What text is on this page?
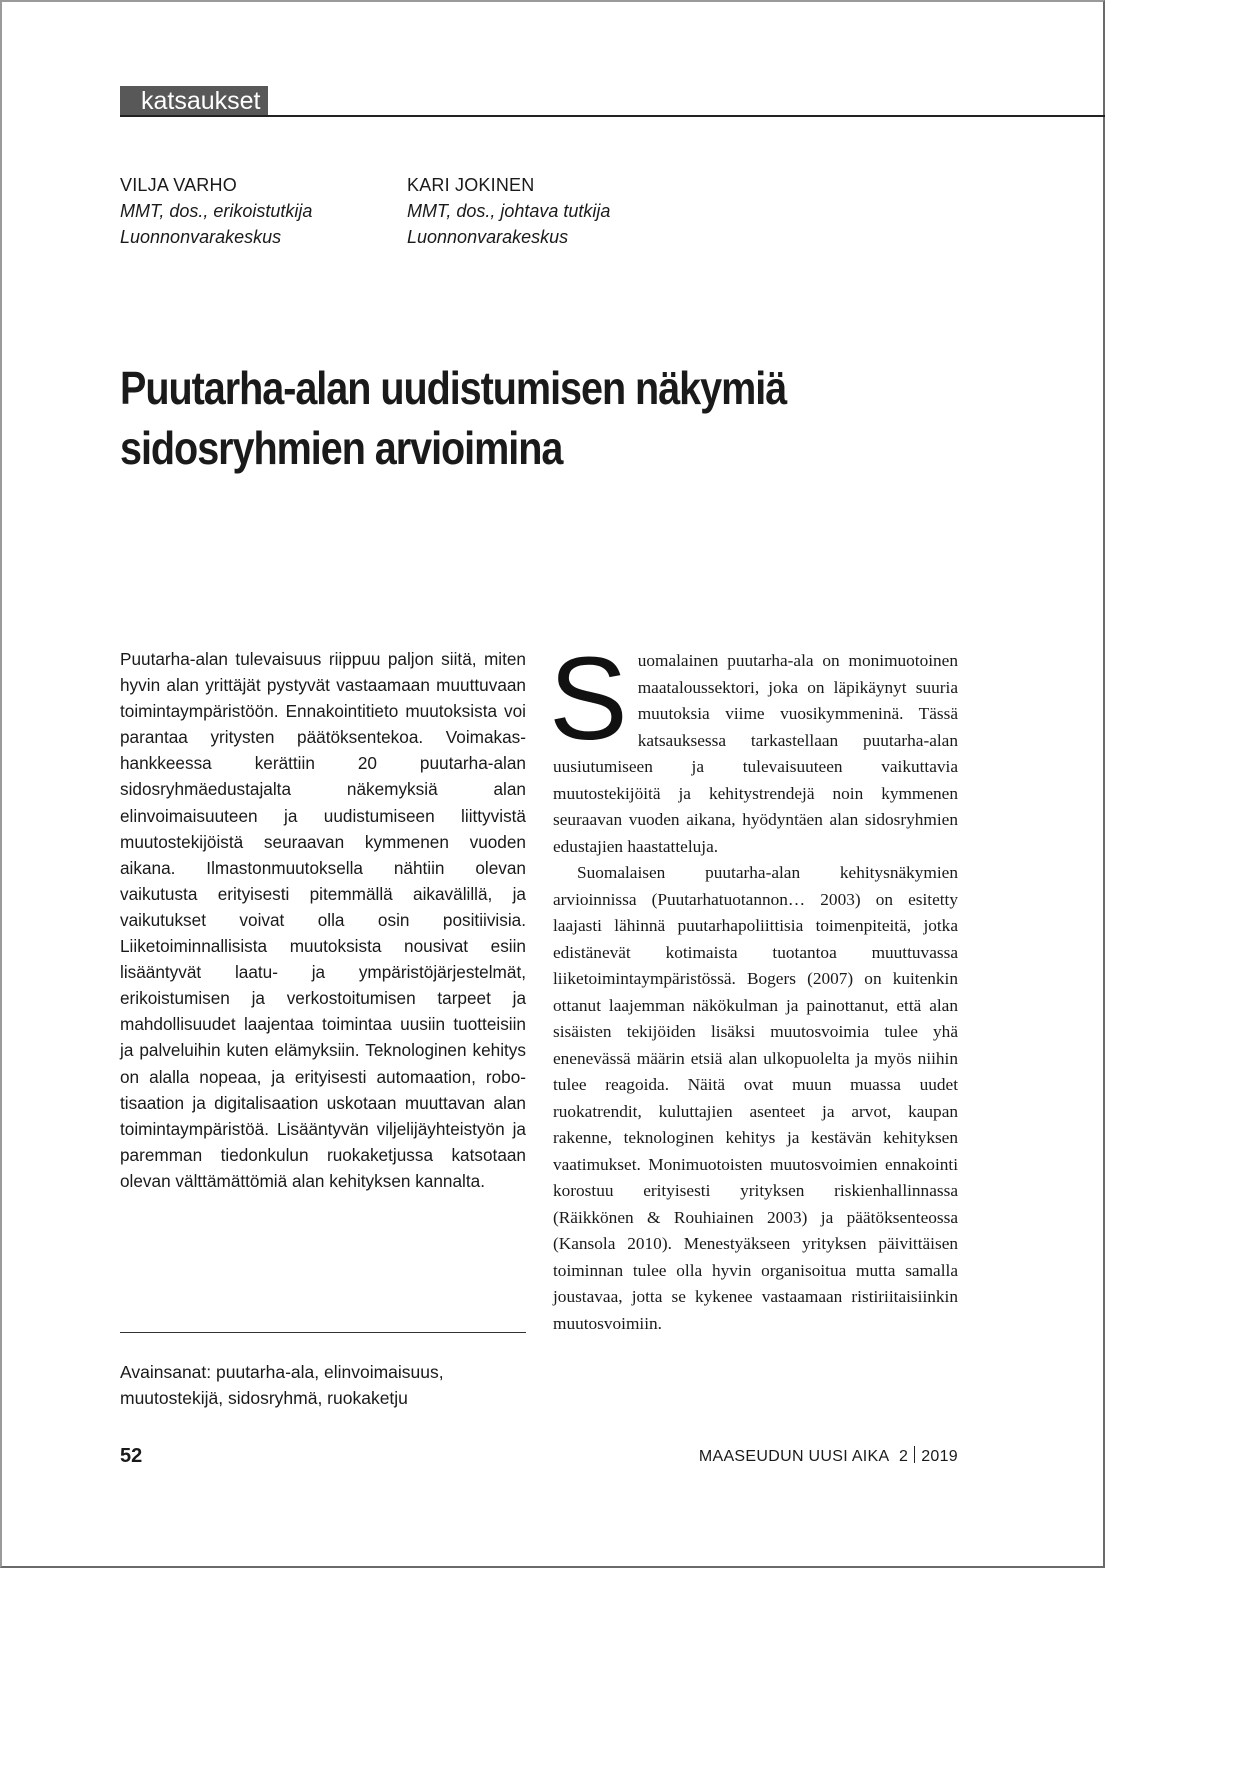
katsaukset
VILJA VARHO
MMT, dos., erikoistutkija
Luonnonvarakeskus
KARI JOKINEN
MMT, dos., johtava tutkija
Luonnonvarakeskus
Puutarha-alan uudistumisen näkymiä
sidosryhmien arvioimina

Puutarha-alan tulevaisuus riippuu paljon siitä, miten hyvin alan yrittäjät pystyvät vastaamaan muuttuvaan toimintaympäristöön. Ennakointitieto muutoksista voi parantaa yritysten päätöksentekoa. Voimakas-hankkeessa kerättiin 20 puutarha-alan sidosryhmäedustajalta näkemyksiä alan elinvoimaisuuteen ja uudistumiseen liittyvistä muutostekijöistä seuraavan kymmenen vuoden aikana. Ilmastonmuutoksella nähtiin olevan vaikutusta erityisesti pitemmällä aikavälillä, ja vaikutukset voivat olla osin positiivisia. Liiketoiminnallisista muutoksista nousivat esiin lisääntyvät laatu- ja ympäristöjärjestelmät, erikoistumisen ja verkostoitumisen tarpeet ja mahdollisuudet laajentaa toimintaa uusiin tuotteisiin ja palveluihin kuten elämyksiin. Teknologinen kehitys on alalla nopeaa, ja erityisesti automaation, robotisaation ja digitalisaation uskotaan muuttavan alan toimintaympäristöä. Lisääntyvän viljelijäyhteistyön ja paremman tiedonkulun ruokaketjussa katsotaan olevan välttämättömiä alan kehityksen kannalta.

Avainsanat: puutarha-ala, elinvoimaisuus, muutostekijä, sidosryhmä, ruokaketju

Suomalainen puutarha-ala on monimuotoinen maataloussektori, joka on läpikäynyt suuria muutoksia viime vuosikymmeninä. Tässä katsauksessa tarkastellaan puutarha-alan uusiutumiseen ja tulevaisuuteen vaikuttavia muutostekijöitä ja kehitystrendejä noin kymmenen seuraavan vuoden aikana, hyödyntäen alan sidosryhmien edustajien haastatteluja.

Suomalaisen puutarha-alan kehitysnäkymien arvioinnissa (Puutarhatuotannon… 2003) on esitetty laajasti lähinnä puutarhapoliittisia toimenpiteitä, jotka edistänevät kotimaista tuotantoa muuttuvassa liiketoimintaympäristössä. Bogers (2007) on kuitenkin ottanut laajemman näkökulman ja painottanut, että alan sisäisten tekijöiden lisäksi muutosvoimia tulee yhä enenevässä määrin etsiä alan ulkopuolelta ja myös niihin tulee reagoida. Näitä ovat muun muassa uudet ruokatrendit, kuluttajien asenteet ja arvot, kaupan rakenne, teknologinen kehitys ja kestävän kehityksen vaatimukset. Monimuotoisten muutosvoimien ennakointi korostuu erityisesti yrityksen riskienhallinnassa (Räikkönen & Rouhiainen 2003) ja päätöksenteossa (Kansola 2010). Menestyäkseen yrityksen päivittäisen toiminnan tulee olla hyvin organisoitua mutta samalla joustavaa, jotta se kykenee vastaamaan ristiriitaisiinkin muutosvoimiin.

52	MAASEUDUN UUSI AIKA 2 2019
